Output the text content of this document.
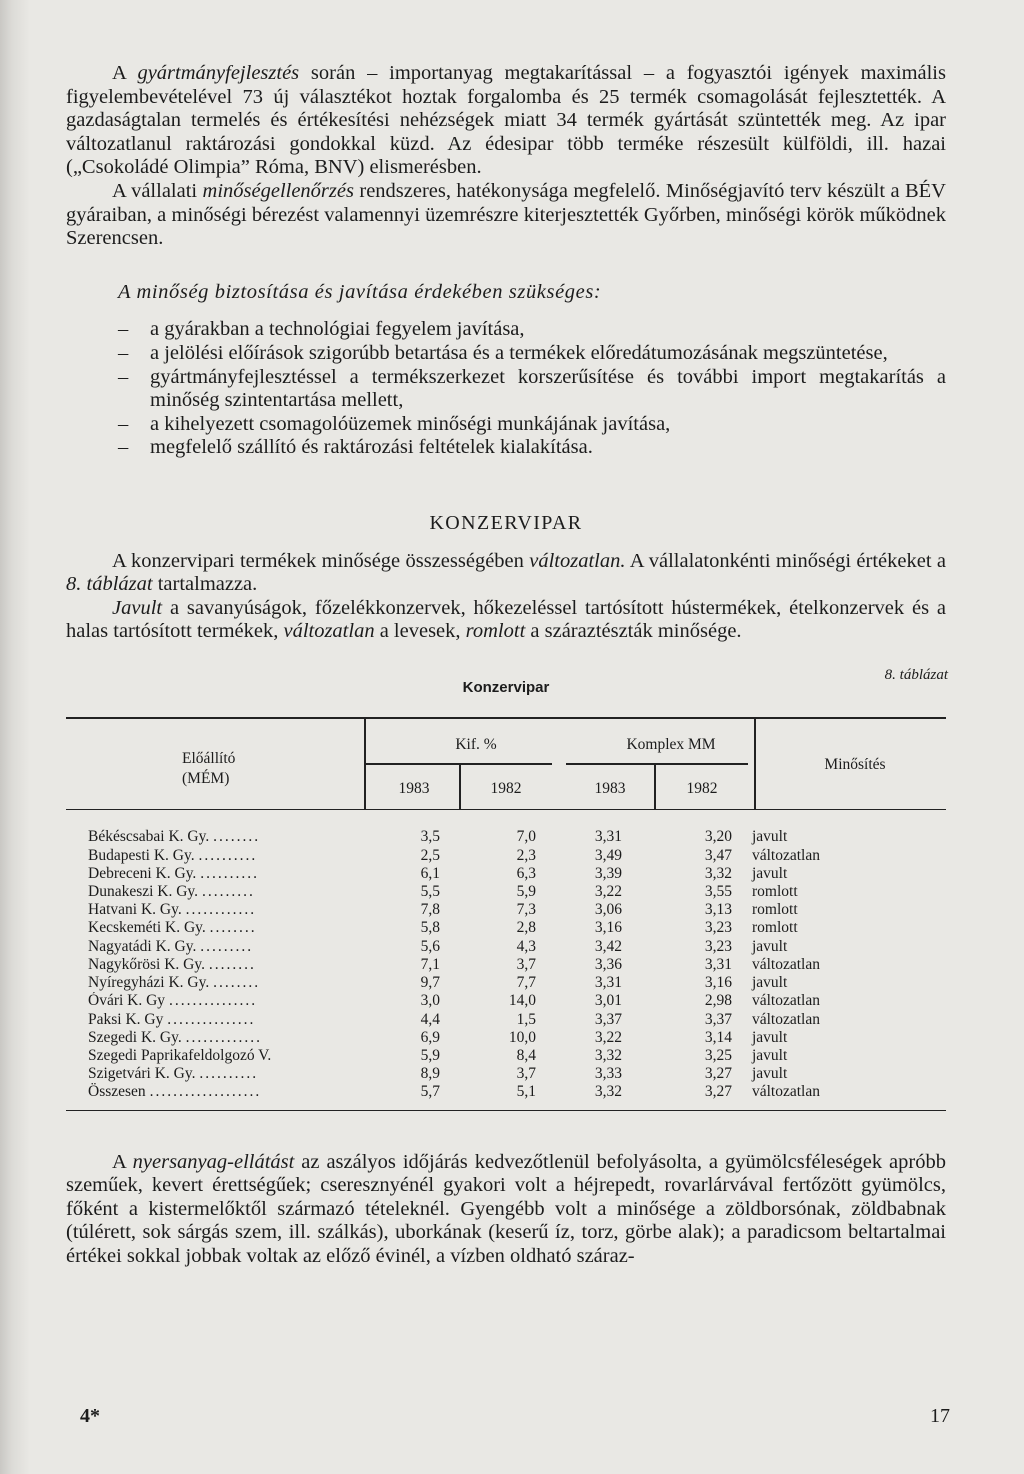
A gyártmányfejlesztés során – importanyag megtakarítással – a fogyasztói igények maximális figyelembevételével 73 új választékot hoztak forgalomba és 25 termék csomagolását fejlesztették. A gazdaságtalan termelés és értékesítési nehézségek miatt 34 termék gyártását szüntették meg. Az ipar változatlanul raktározási gondokkal küzd. Az édesipar több terméke részesült külföldi, ill. hazai („Csokoládé Olimpia” Róma, BNV) elismerésben.

A vállalati minőségellenőrzés rendszeres, hatékonysága megfelelő. Minőségjavító terv készült a BÉV gyáraiban, a minőségi bérezést valamennyi üzemrészre kiterjesztették Győrben, minőségi körök működnek Szerencsen.

A minőség biztosítása és javítása érdekében szükséges:
– a gyárakban a technológiai fegyelem javítása,
– a jelölési előírások szigorúbb betartása és a termékek előredátumozásának megszüntetése,
– gyártmányfejlesztéssel a termékszerkezet korszerűsítése és további import megtakarítás a minőség szintentartása mellett,
– a kihelyezett csomagolóüzemek minőségi munkájának javítása,
– megfelelő szállító és raktározási feltételek kialakítása.
KONZERVIPAR

A konzervipari termékek minősége összességében változatlan. A vállalatonkénti minőségi értékeket a 8. táblázat tartalmazza.

Javult a savanyúságok, főzelékkonzervek, hőkezeléssel tartósított hústermékek, ételkonzervek és a halas tartósított termékek, változatlan a levesek, romlott a száraztészták minősége.

8. táblázat
Konzervipar
Előállító
(MÉM)
Kif. %	Komplex MM
1983	1982	1983	1982
Minősítés
Békéscsabai K. Gy. ........	3,5	7,0	3,31	3,20		javult
Budapesti K. Gy. ..........	2,5	2,3	3,49	3,47		változatlan
Debreceni K. Gy. ..........	6,1	6,3	3,39	3,32		javult
Dunakeszi K. Gy. .........	5,5	5,9	3,22	3,55		romlott
Hatvani K. Gy. ............	7,8	7,3	3,06	3,13		romlott
Kecskeméti K. Gy. ........	5,8	2,8	3,16	3,23		romlott
Nagyatádi K. Gy. .........	5,6	4,3	3,42	3,23		javult
Nagykőrösi K. Gy. ........	7,1	3,7	3,36	3,31		változatlan
Nyíregyházi K. Gy. ........	9,7	7,7	3,31	3,16		javult
Óvári K. Gy ...............	3,0	14,0	3,01	2,98		változatlan
Paksi K. Gy ...............	4,4	1,5	3,37	3,37		változatlan
Szegedi K. Gy. .............	6,9	10,0	3,22	3,14		javult
Szegedi Paprikafeldolgozó V.	5,9	8,4	3,32	3,25		javult
Szigetvári K. Gy. ..........	8,9	3,7	3,33	3,27		javult
Összesen ...................	5,7	5,1	3,32	3,27		változatlan

A nyersanyag-ellátást az aszályos időjárás kedvezőtlenül befolyásolta, a gyümölcsféleségek apróbb szeműek, kevert érettségűek; cseresznyénél gyakori volt a héjrepedt, rovarlárvával fertőzött gyümölcs, főként a kistermelőktől származó tételeknél. Gyengébb volt a minősége a zöldborsónak, zöldbabnak (túlérett, sok sárgás szem, ill. szálkás), uborkának (keserű íz, torz, görbe alak); a paradicsom beltartalmai értékei sokkal jobbak voltak az előző évinél, a vízben oldható száraz-

4*	17
